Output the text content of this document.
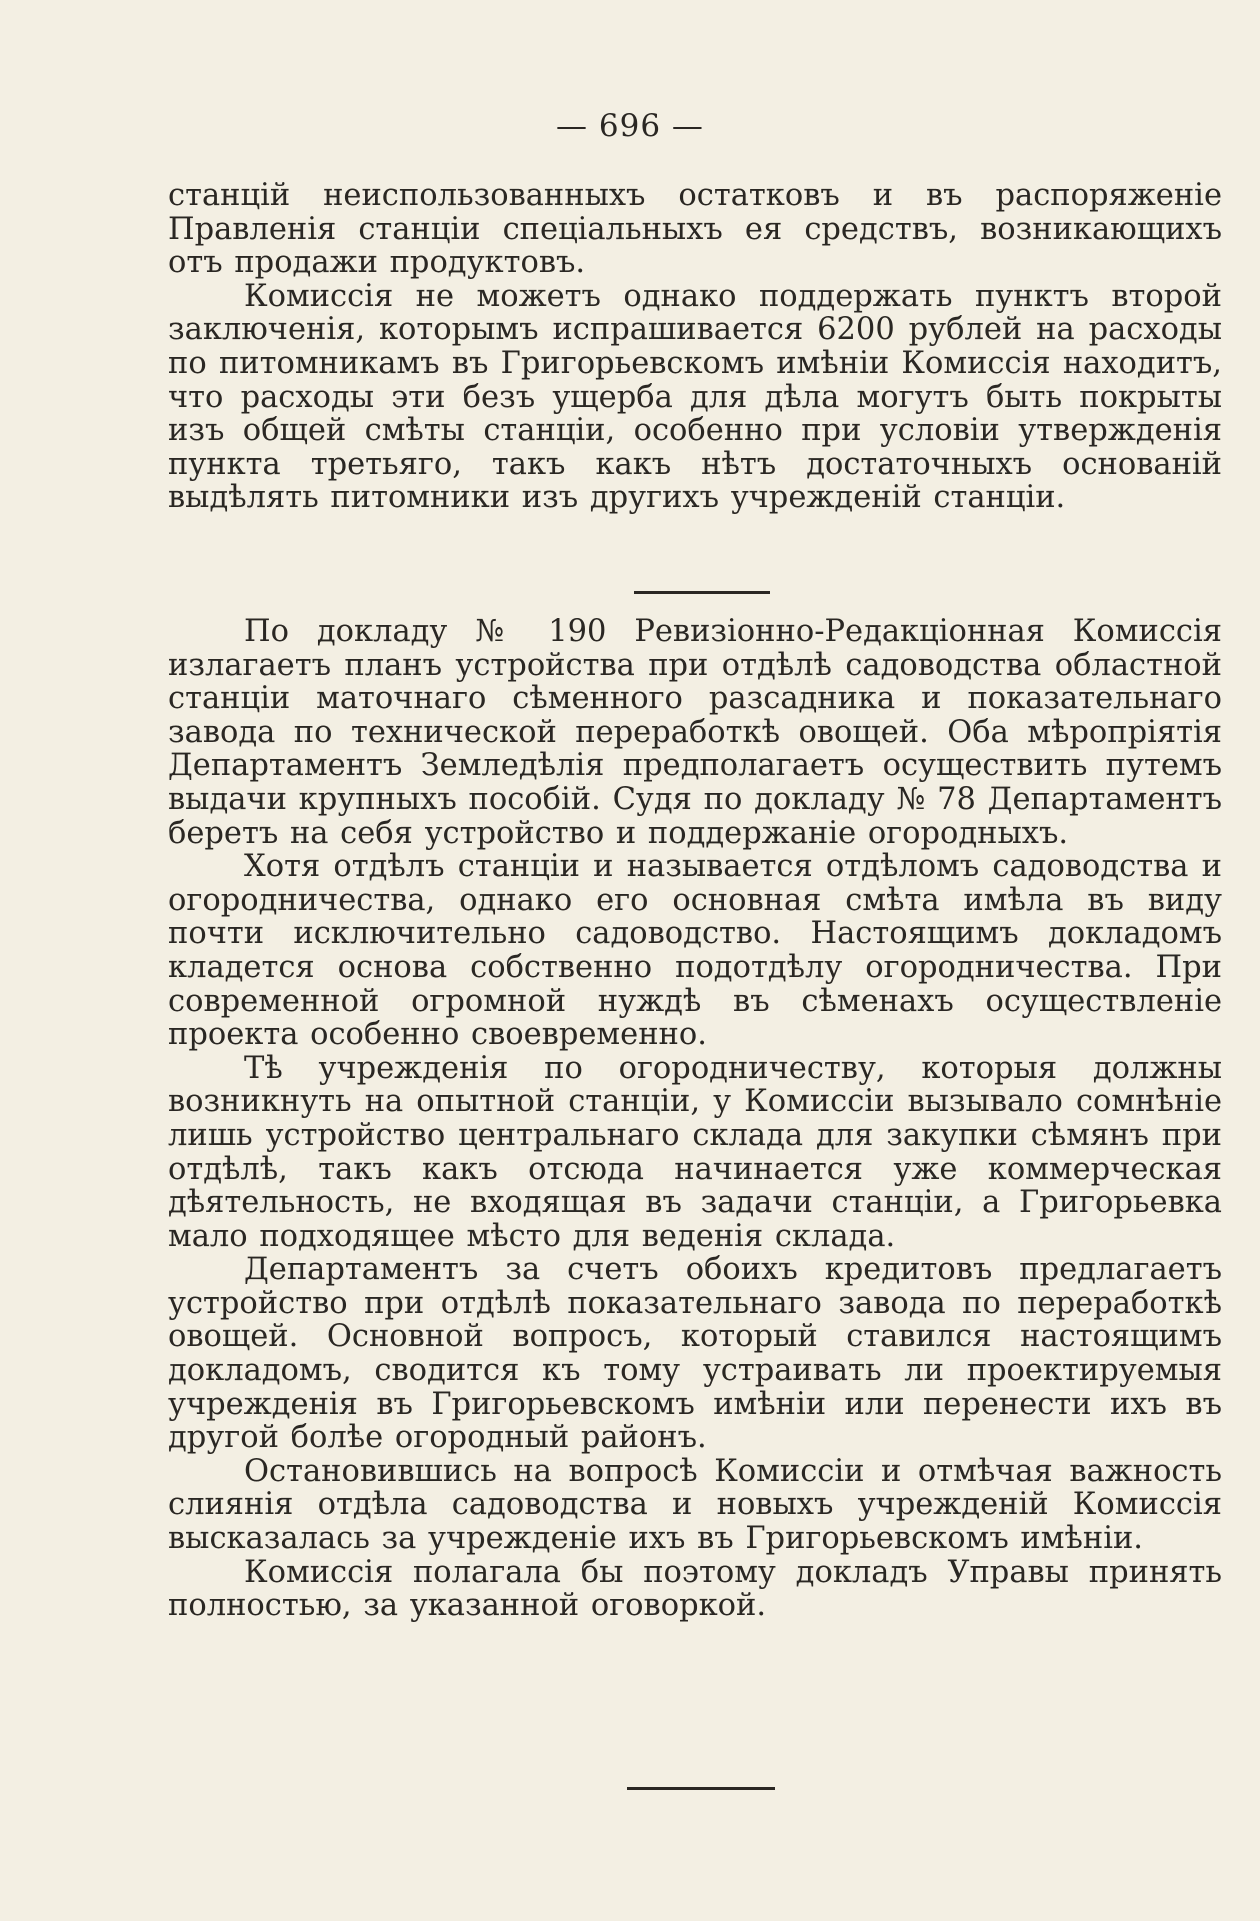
— 696 —

станцій неиспользованныхъ остатковъ и въ распоряженіе Правленія станціи спеціальныхъ ея средствъ, возникающихъ отъ продажи продуктовъ.

Комиссія не можетъ однако поддержать пунктъ второй заключенія, которымъ испрашивается 6200 рублей на расходы по питомникамъ въ Григорьевскомъ имѣніи Комиссія находитъ, что расходы эти безъ ущерба для дѣла могутъ быть покрыты изъ общей смѣты станціи, особенно при условіи утвержденія пункта третьяго, такъ какъ нѣтъ достаточныхъ основаній выдѣлять питомники изъ другихъ учрежденій станціи.

По докладу № 190 Ревизіонно-Редакціонная Комиссія излагаетъ планъ устройства при отдѣлѣ садоводства областной станціи маточнаго сѣменного разсадника и показательнаго завода по технической переработкѣ овощей. Оба мѣропріятія Департаментъ Земледѣлія предполагаетъ осуществить путемъ выдачи крупныхъ пособій. Судя по докладу № 78 Департаментъ беретъ на себя устройство и поддержаніе огородныхъ.

Хотя отдѣлъ станціи и называется отдѣломъ садоводства и огородничества, однако его основная смѣта имѣла въ виду почти исключительно садоводство. Настоящимъ докладомъ кладется основа собственно подотдѣлу огородничества. При современной огромной нуждѣ въ сѣменахъ осуществленіе проекта особенно своевременно.

Тѣ учрежденія по огородничеству, которыя должны возникнуть на опытной станціи, у Комиссіи вызывало сомнѣніе лишь устройство центральнаго склада для закупки сѣмянъ при отдѣлѣ, такъ какъ отсюда начинается уже коммерческая дѣятельность, не входящая въ задачи станціи, а Григорьевка мало подходящее мѣсто для веденія склада.

Департаментъ за счетъ обоихъ кредитовъ предлагаетъ устройство при отдѣлѣ показательнаго завода по переработкѣ овощей. Основной вопросъ, который ставился настоящимъ докладомъ, сводится къ тому устраивать ли проектируемыя учрежденія въ Григорьевскомъ имѣніи или перенести ихъ въ другой болѣе огородный районъ.

Остановившись на вопросѣ Комиссіи и отмѣчая важность слиянія отдѣла садоводства и новыхъ учрежденій Комиссія высказалась за учрежденіе ихъ въ Григорьевскомъ имѣніи.

Комиссія полагала бы поэтому докладъ Управы принять полностью, за указанной оговоркой.
